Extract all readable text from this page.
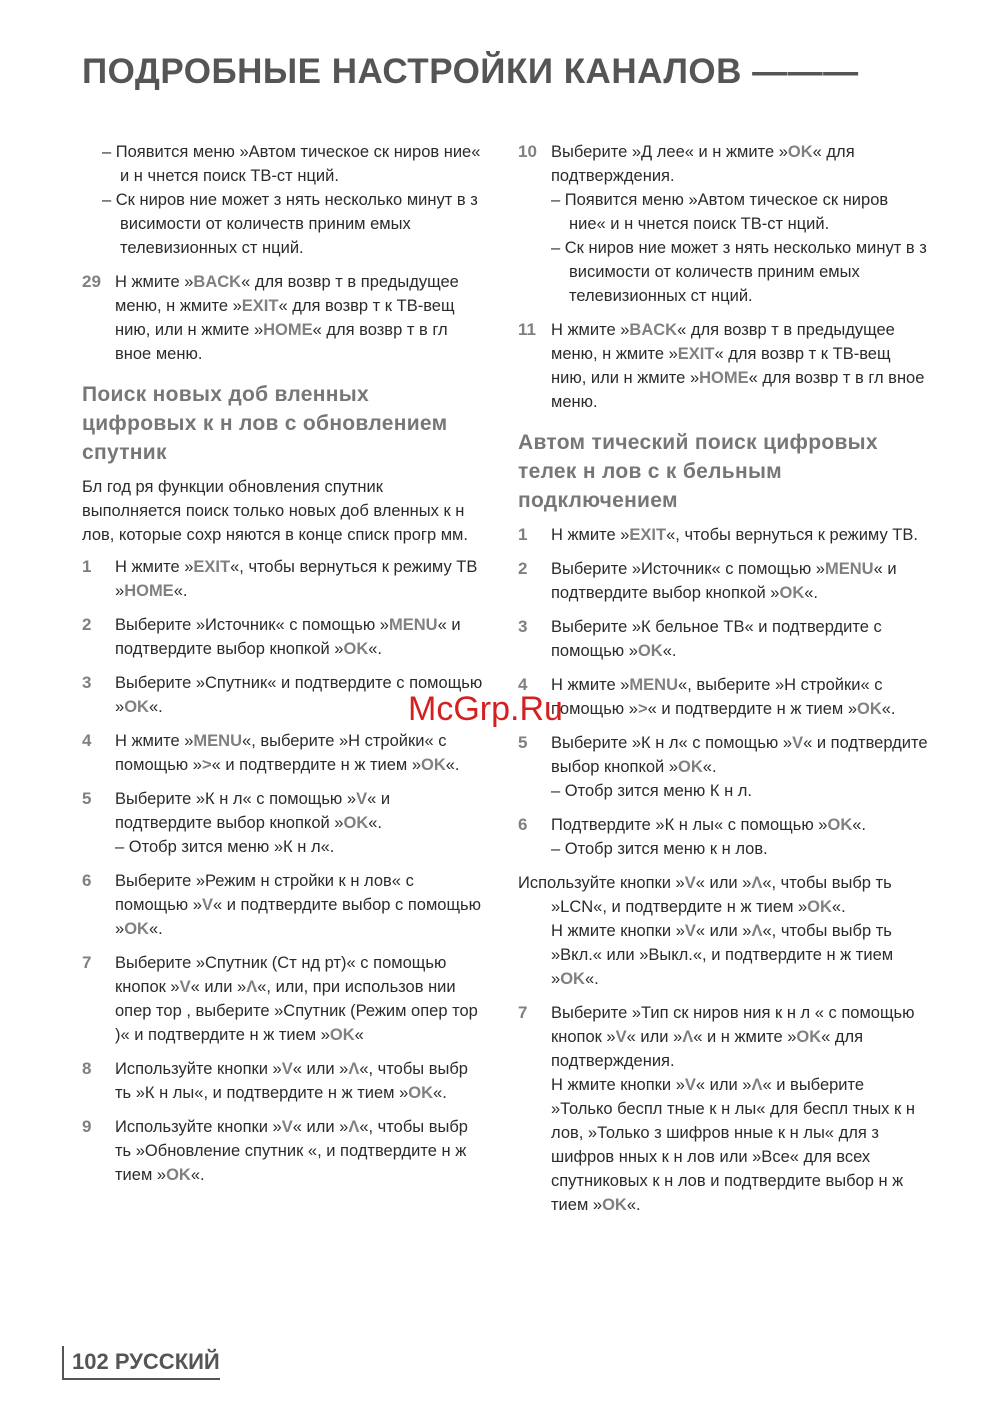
ПОДРОБНЫЕ НАСТРОЙКИ КАНАЛОВ ———

– Появится меню »Автом тическое ск ниров ние« и н чнется поиск ТВ-ст нций.

– Ск ниров ние может з нять несколько минут в з висимости от количеств приним емых телевизионных ст нций.

29 Н жмите »BACK« для возвр т в предыдущее меню, н жмите »EXIT« для возвр т к ТВ-вещ нию, или н жмите »HOME« для возвр т в гл вное меню.

Поиск новых доб вленных цифровых к н лов с обновлением спутник

Бл год ря функции обновления спутник выполняется поиск только новых доб вленных к н лов, которые сохр няются в конце списк прогр мм.

1 Н жмите »EXIT«, чтобы вернуться к режиму ТВ »HOME«.

2 Выберите »Источник« с помощью »MENU« и подтвердите выбор кнопкой »OK«.

3 Выберите »Спутник« и подтвердите с помощью »OK«.

4 Н жмите »MENU«, выберите »Н стройки« с помощью »>« и подтвердите н ж тием »OK«.

5 Выберите »К н л« с помощью »V« и подтвердите выбор кнопкой »OK«.

– Отобр зится меню »К н л«.

6 Выберите »Режим н стройки к н лов« с помощью »V« и подтвердите выбор с помощью »OK«.

7 Выберите »Спутник (Ст нд рт)« с помощью кнопок »V« или »Λ«, или, при использов нии опер тор , выберите »Спутник (Режим опер тор )« и подтвердите н ж тием »OK«

8 Используйте кнопки »V« или »Λ«, чтобы выбр ть »К н лы«, и подтвердите н ж тием »OK«.

9 Используйте кнопки »V« или »Λ«, чтобы выбр ть »Обновление спутник «, и подтвердите н ж тием »OK«.

10 Выберите »Д лее« и н жмите »OK« для подтверждения.

– Появится меню »Автом тическое ск ниров ние« и н чнется поиск ТВ-ст нций.

– Ск ниров ние может з нять несколько минут в з висимости от количеств приним емых телевизионных ст нций.

11 Н жмите »BACK« для возвр т в предыдущее меню, н жмите »EXIT« для возвр т к ТВ-вещ нию, или н жмите »HOME« для возвр т в гл вное меню.

Автом тический поиск цифровых телек н лов с к бельным подключением
1 Н жмите »EXIT«, чтобы вернуться к режиму ТВ.

2 Выберите »Источник« с помощью »MENU« и подтвердите выбор кнопкой »OK«.

3 Выберите »К бельное ТВ« и подтвердите с помощью »OK«.

4 Н жмите »MENU«, выберите »Н стройки« с помощью »>« и подтвердите н ж тием »OK«.

5 Выберите »К н л« с помощью »V« и подтвердите выбор кнопкой »OK«.

– Отобр зится меню К н л.

6 Подтвердите »К н лы« с помощью »OK«.

– Отобр зится меню к н лов.

Используйте кнопки »V« или »Λ«, чтобы выбр ть »LCN«, и подтвердите н ж тием »OK«.

Н жмите кнопки »V« или »Λ«, чтобы выбр ть »Вкл.« или »Выкл.«, и подтвердите н ж тием »OK«.

7 Выберите »Тип ск ниров ния к н л « с помощью кнопок »V« или »Λ« и н жмите »OK« для подтверждения.

Н жмите кнопки »V« или »Λ« и выберите »Только беспл тные к н лы« для беспл тных к н лов, »Только з шифров нные к н лы« для з шифров нных к н лов или »Все« для всех спутниковых к н лов и подтвердите выбор н ж тием »OK«.

McGrp.Ru
102 РУССКИЙ
